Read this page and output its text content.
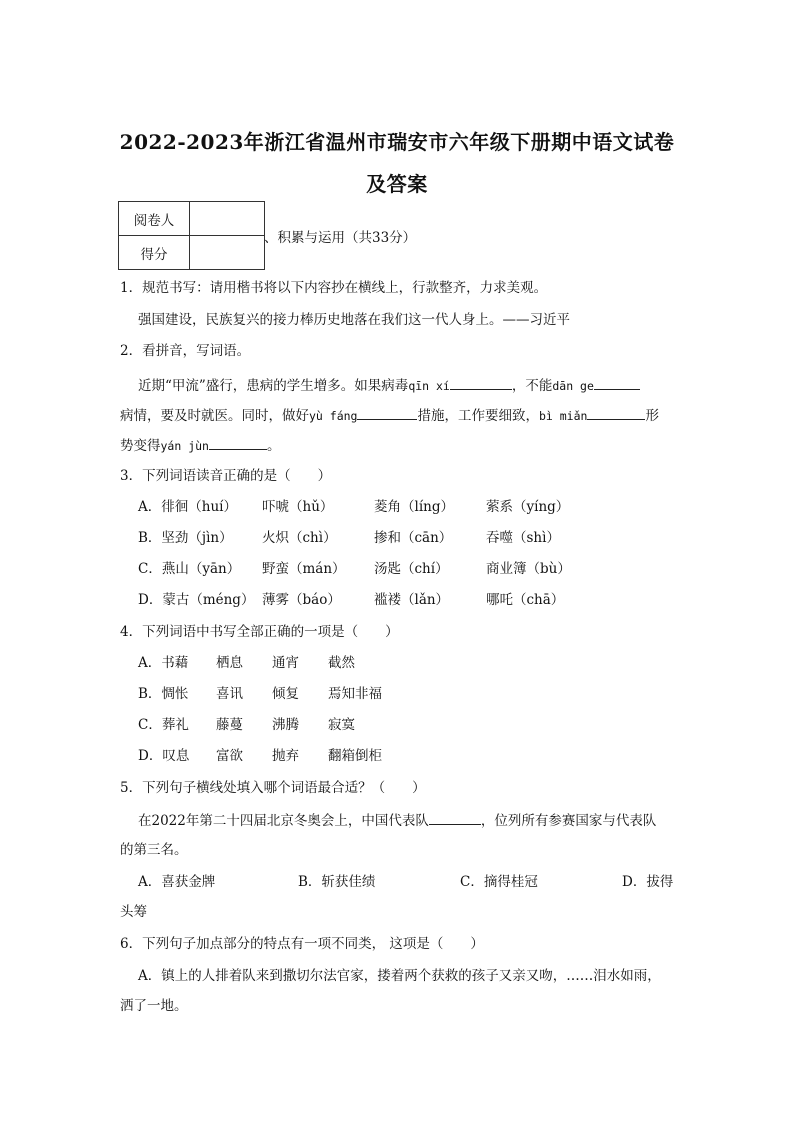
2022-2023年浙江省温州市瑞安市六年级下册期中语文试卷
及答案
阅卷人	
得分	
、积累与运用（共33分）
1．规范书写：请用楷书将以下内容抄在横线上，行款整齐，力求美观。
强国建设，民族复兴的接力棒历史地落在我们这一代人身上。——习近平
2．看拼音，写词语。
近期“甲流”盛行，患病的学生增多。如果病毒qīn xí	，不能dān ge
病情，要及时就医。同时，做好yù fáng	措施，工作要细致，bì miǎn	形
势变得yán jùn	。
3．下列词语读音正确的是（　　）
A．徘徊（huí） 吓唬（hǔ）	菱角（líng） 萦系（yíng）
B．坚劲（jìn） 火炽（chì）	掺和（cān） 吞噬（shì）
C．燕山（yān） 野蛮（mán） 汤匙（chí）	商业簿（bù）
D．蒙古（méng） 薄雾（báo） 褴褛（lǎn）	哪吒（chā）
4．下列词语中书写全部正确的一项是（　　）
A．书藉 栖息 通宵 截然
B．惆怅 喜讯 倾复 焉知非福
C．葬礼 藤蔓 沸腾 寂寞
D．叹息 富欲 抛弃 翻箱倒柜
5．下列句子横线处填入哪个词语最合适？（　　）
在2022年第二十四届北京冬奥会上，中国代表队	，位列所有参赛国家与代表队
的第三名。
A．喜获金牌	B．斩获佳绩	C．摘得桂冠	D．拔得
头筹
6．下列句子加点部分的特点有一项不同类， 这项是（　　）
A．镇上的人排着队来到撒切尔法官家，搂着两个获救的孩子又亲又吻，……泪水如雨，
洒了一地。
